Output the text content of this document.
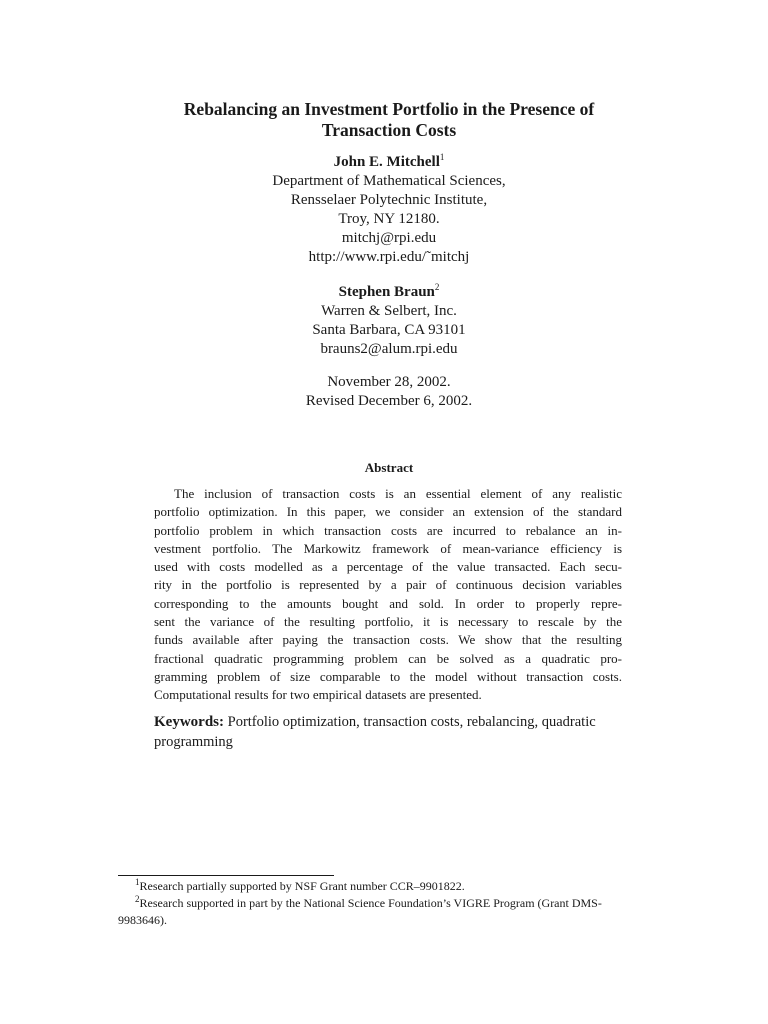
Rebalancing an Investment Portfolio in the Presence of
Transaction Costs
John E. Mitchell$^1$
Department of Mathematical Sciences,
Rensselaer Polytechnic Institute,
Troy, NY 12180.
mitchj@rpi.edu
http://www.rpi.edu/˜mitchj
Stephen Braun$^2$
Warren & Selbert, Inc.
Santa Barbara, CA 93101
brauns2@alum.rpi.edu
November 28, 2002.
Revised December 6, 2002.
Abstract
The inclusion of transaction costs is an essential element of any realistic
portfolio optimization. In this paper, we consider an extension of the standard
portfolio problem in which transaction costs are incurred to rebalance an in-
vestment portfolio. The Markowitz framework of mean-variance efficiency is
used with costs modelled as a percentage of the value transacted. Each secu-
rity in the portfolio is represented by a pair of continuous decision variables
corresponding to the amounts bought and sold. In order to properly repre-
sent the variance of the resulting portfolio, it is necessary to rescale by the
funds available after paying the transaction costs. We show that the resulting
fractional quadratic programming problem can be solved as a quadratic pro-
gramming problem of size comparable to the model without transaction costs.
Computational results for two empirical datasets are presented.
Keywords: Portfolio optimization, transaction costs, rebalancing, quadratic
programming
$^1$Research partially supported by NSF Grant number CCR–9901822.
$^2$Research supported in part by the National Science Foundation’s VIGRE Program (Grant DMS-
9983646).
